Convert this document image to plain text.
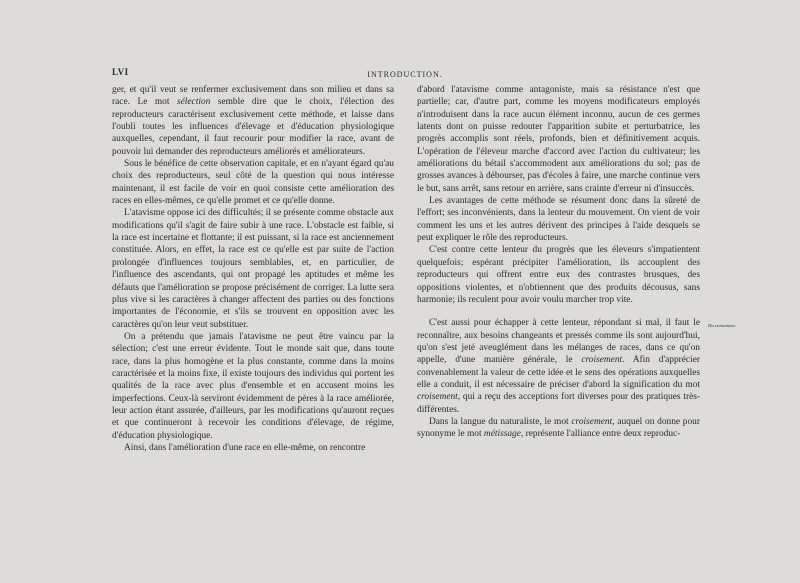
LVI	INTRODUCTION.

ger, et qu'il veut se renfermer exclusivement dans son milieu et dans sa race. Le mot sélection semble dire que le choix, l'élection des reproducteurs caractérisent exclusivement cette méthode, et laisse dans l'oubli toutes les influences d'élevage et d'éducation physiologique auxquelles, cependant, il faut recourir pour modifier la race, avant de pouvoir lui demander des reproducteurs améliorés et améliorateurs.

Sous le bénéfice de cette observation capitale, et en n'ayant égard qu'au choix des reproducteurs, seul côté de la question qui nous intéresse maintenant, il est facile de voir en quoi consiste cette amélioration des races en elles-mêmes, ce qu'elle promet et ce qu'elle donne.

L'atavisme oppose ici des difficultés; il se présente comme obstacle aux modifications qu'il s'agit de faire subir à une race. L'obstacle est faible, si la race est incertaine et flottante; il est puissant, si la race est anciennement constituée. Alors, en effet, la race est ce qu'elle est par suite de l'action prolongée d'influences toujours semblables, et, en particulier, de l'influence des ascendants, qui ont propagé les aptitudes et même les défauts que l'amélioration se propose précisément de corriger. La lutte sera plus vive si les caractères à changer affectent des parties ou des fonctions importantes de l'économie, et s'ils se trouvent en opposition avec les caractères qu'on leur veut substituer.

On a prétendu que jamais l'atavisme ne peut être vaincu par la sélection; c'est une erreur évidente. Tout le monde sait que, dans toute race, dans la plus homogène et la plus constante, comme dans la moins caractérisée et la moins fixe, il existe toujours des individus qui portent les qualités de la race avec plus d'ensemble et en accusent moins les imperfections. Ceux-là serviront évidemment de pères à la race améliorée, leur action étant assurée, d'ailleurs, par les modifications qu'auront reçues et que continueront à recevoir les conditions d'élevage, de régime, d'éducation physiologique.

Ainsi, dans l'amélioration d'une race en elle-même, on rencontre

d'abord l'atavisme comme antagoniste, mais sa résistance n'est que partielle; car, d'autre part, comme les moyens modificateurs employés n'introduisent dans la race aucun élément inconnu, aucun de ces germes latents dont on puisse redouter l'apparition subite et perturbatrice, les progrès accomplis sont réels, profonds, bien et définitivement acquis. L'opération de l'éleveur marche d'accord avec l'action du cultivateur; les améliorations du bétail s'accommodent aux améliorations du sol; pas de grosses avances à débourser, pas d'écoles à faire, une marche continue vers le but, sans arrêt, sans retour en arrière, sans crainte d'erreur ni d'insuccès.

Les avantages de cette méthode se résument donc dans la sûreté de l'effort; ses inconvénients, dans la lenteur du mouvement. On vient de voir comment les uns et les autres dérivent des principes à l'aide desquels se peut expliquer le rôle des reproducteurs.

C'est contre cette lenteur du progrès que les éleveurs s'impatientent quelquefois; espérant précipiter l'amélioration, ils accouplent des reproducteurs qui offrent entre eux des contrastes brusques, des oppositions violentes, et n'obtiennent que des produits décousus, sans harmonie; ils reculent pour avoir voulu marcher trop vite.

C'est aussi pour échapper à cette lenteur, répondant si mal, il faut le reconnaître, aux besoins changeants et pressés comme ils sont aujourd'hui, qu'on s'est jeté aveuglément dans les mélanges de races, dans ce qu'on appelle, d'une manière générale, le croisement. Afin d'apprécier convenablement la valeur de cette idée et le sens des opérations auxquelles elle a conduit, il est nécessaire de préciser d'abord la signification du mot croisement, qui a reçu des acceptions fort diverses pour des pratiques très-différentes.

Dans la langue du naturaliste, le mot croisement, auquel on donne pour synonyme le mot métissage, représente l'alliance entre deux reproduc-

Du croisement.
